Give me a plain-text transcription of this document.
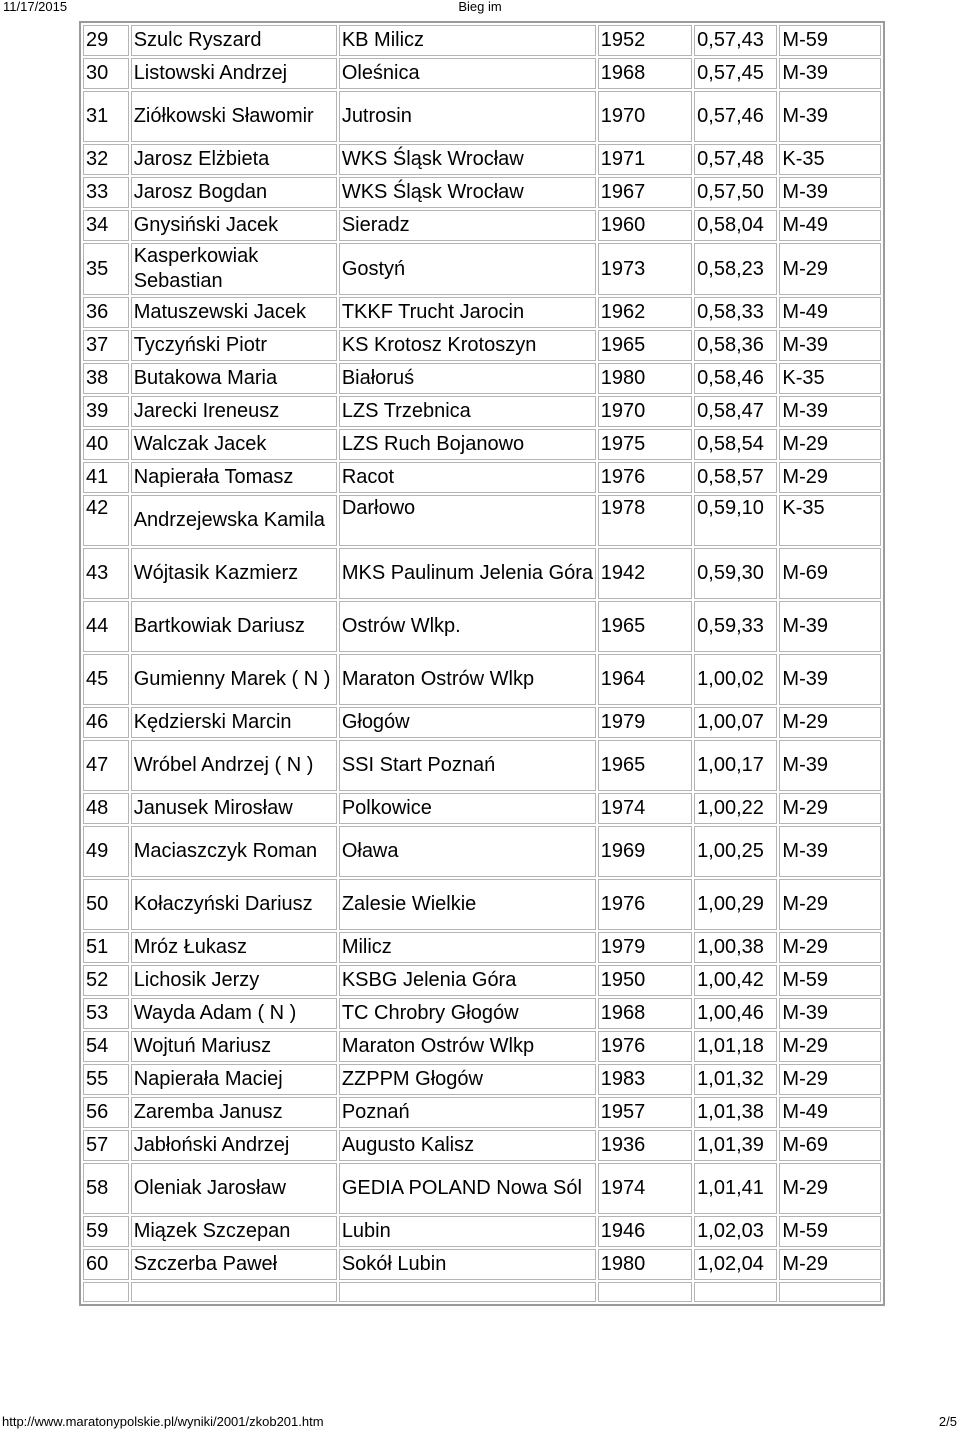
11/17/2015	Bieg im
29	Szulc Ryszard	KB Milicz	1952	0,57,43	M-59
30	Listowski Andrzej	Oleśnica	1968	0,57,45	M-39
31	Ziółkowski Sławomir	Jutrosin	1970	0,57,46	M-39
32	Jarosz Elżbieta	WKS Śląsk Wrocław	1971	0,57,48	K-35
33	Jarosz Bogdan	WKS Śląsk Wrocław	1967	0,57,50	M-39
34	Gnysiński Jacek	Sieradz	1960	0,58,04	M-49
35	Kasperkowiak Sebastian	Gostyń	1973	0,58,23	M-29
36	Matuszewski Jacek	TKKF Trucht Jarocin	1962	0,58,33	M-49
37	Tyczyński Piotr	KS Krotosz Krotoszyn	1965	0,58,36	M-39
38	Butakowa Maria	Białoruś	1980	0,58,46	K-35
39	Jarecki Ireneusz	LZS Trzebnica	1970	0,58,47	M-39
40	Walczak Jacek	LZS Ruch Bojanowo	1975	0,58,54	M-29
41	Napierała Tomasz	Racot	1976	0,58,57	M-29
42	Andrzejewska Kamila	Darłowo	1978	0,59,10	K-35
43	Wójtasik Kazmierz	MKS Paulinum Jelenia Góra	1942	0,59,30	M-69
44	Bartkowiak Dariusz	Ostrów Wlkp.	1965	0,59,33	M-39
45	Gumienny Marek ( N )	Maraton Ostrów Wlkp	1964	1,00,02	M-39
46	Kędzierski Marcin	Głogów	1979	1,00,07	M-29
47	Wróbel Andrzej ( N )	SSI Start Poznań	1965	1,00,17	M-39
48	Janusek Mirosław	Polkowice	1974	1,00,22	M-29
49	Maciaszczyk Roman	Oława	1969	1,00,25	M-39
50	Kołaczyński Dariusz	Zalesie Wielkie	1976	1,00,29	M-29
51	Mróz Łukasz	Milicz	1979	1,00,38	M-29
52	Lichosik Jerzy	KSBG Jelenia Góra	1950	1,00,42	M-59
53	Wayda Adam ( N )	TC Chrobry Głogów	1968	1,00,46	M-39
54	Wojtuń Mariusz	Maraton Ostrów Wlkp	1976	1,01,18	M-29
55	Napierała Maciej	ZZPPM Głogów	1983	1,01,32	M-29
56	Zaremba Janusz	Poznań	1957	1,01,38	M-49
57	Jabłoński Andrzej	Augusto Kalisz	1936	1,01,39	M-69
58	Oleniak Jarosław	GEDIA POLAND Nowa Sól	1974	1,01,41	M-29
59	Miązek Szczepan	Lubin	1946	1,02,03	M-59
60	Szczerba Paweł	Sokół Lubin	1980	1,02,04	M-29

http://www.maratonypolskie.pl/wyniki/2001/zkob201.htm	2/5
